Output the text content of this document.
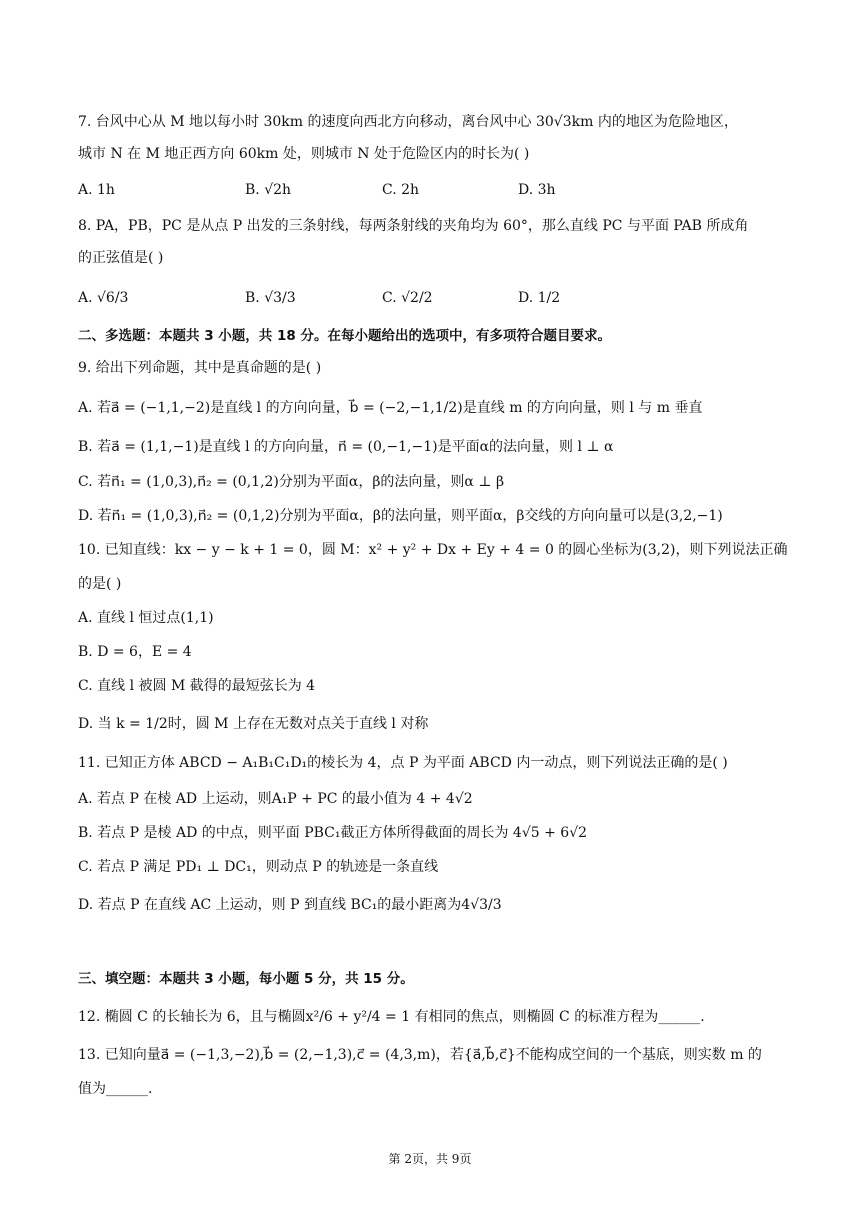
7. 台风中心从 M 地以每小时 30km 的速度向西北方向移动，离台风中心 30√3km 内的地区为危险地区，
城市 N 在 M 地正西方向 60km 处，则城市 N 处于危险区内的时长为( )
A. 1h	B. √2h	C. 2h	D. 3h
8. PA，PB，PC 是从点 P 出发的三条射线，每两条射线的夹角均为 60°，那么直线 PC 与平面 PAB 所成角
的正弦值是( )
A. √6/3	B. √3/3	C. √2/2	D. 1/2
二、多选题：本题共 3 小题，共 18 分。在每小题给出的选项中，有多项符合题目要求。
9. 给出下列命题，其中是真命题的是( )
A. 若a⃗ = (−1,1,−2)是直线 l 的方向向量，b⃗ = (−2,−1,1/2)是直线 m 的方向向量，则 l 与 m 垂直
B. 若a⃗ = (1,1,−1)是直线 l 的方向向量，n⃗ = (0,−1,−1)是平面α的法向量，则 l ⊥ α
C. 若n⃗₁ = (1,0,3),n⃗₂ = (0,1,2)分别为平面α，β的法向量，则α ⊥ β
D. 若n⃗₁ = (1,0,3),n⃗₂ = (0,1,2)分别为平面α，β的法向量，则平面α，β交线的方向向量可以是(3,2,−1)
10. 已知直线：kx − y − k + 1 = 0，圆 M：x² + y² + Dx + Ey + 4 = 0 的圆心坐标为(3,2)，则下列说法正确
的是( )
A. 直线 l 恒过点(1,1)
B. D = 6，E = 4
C. 直线 l 被圆 M 截得的最短弦长为 4
D. 当 k = 1/2时，圆 M 上存在无数对点关于直线 l 对称
11. 已知正方体 ABCD − A₁B₁C₁D₁的棱长为 4，点 P 为平面 ABCD 内一动点，则下列说法正确的是( )
A. 若点 P 在棱 AD 上运动，则A₁P + PC 的最小值为 4 + 4√2
B. 若点 P 是棱 AD 的中点，则平面 PBC₁截正方体所得截面的周长为 4√5 + 6√2
C. 若点 P 满足 PD₁ ⊥ DC₁，则动点 P 的轨迹是一条直线
D. 若点 P 在直线 AC 上运动，则 P 到直线 BC₁的最小距离为4√3/3
三、填空题：本题共 3 小题，每小题 5 分，共 15 分。
12. 椭圆 C 的长轴长为 6，且与椭圆x²/6 + y²/4 = 1 有相同的焦点，则椭圆 C 的标准方程为______.
13. 已知向量a⃗ = (−1,3,−2),b⃗ = (2,−1,3),c⃗ = (4,3,m)，若{a⃗,b⃗,c⃗}不能构成空间的一个基底，则实数 m 的
值为______.
第 2页，共 9页
